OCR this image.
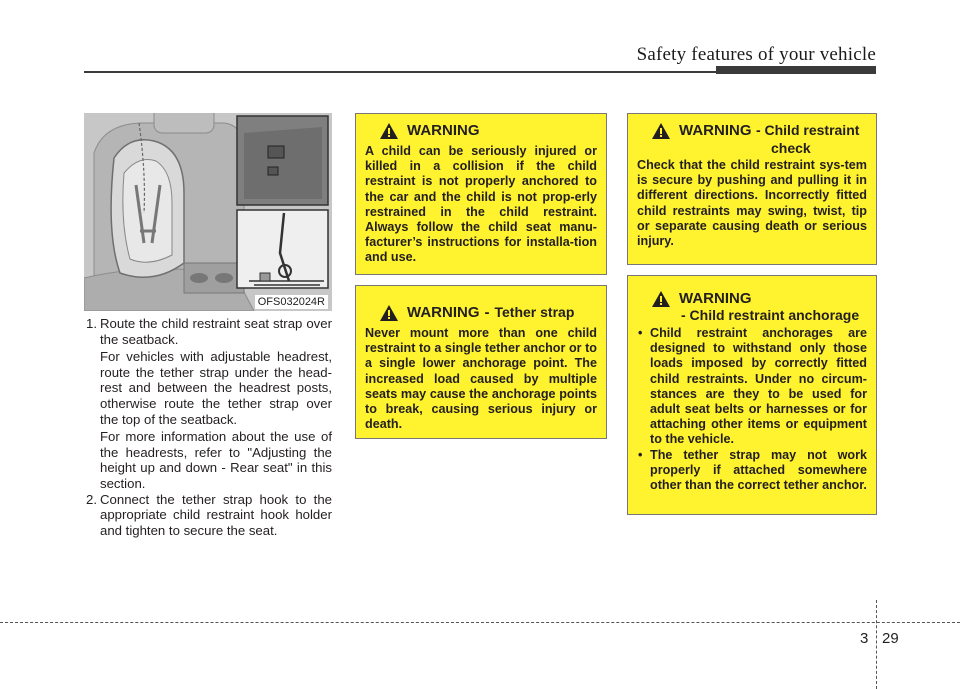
Safety features of your vehicle
OFS032024R
1. Route the child restraint seat strap over the seatback.

For vehicles with adjustable headrest, route the tether strap under the head-rest and between the headrest posts, otherwise route the tether strap over the top of the seatback.

For more information about the use of the headrests, refer to "Adjusting the height up and down - Rear seat" in this section.

2. Connect the tether strap hook to the appropriate child restraint hook holder and tighten to secure the seat.

WARNING

A child can be seriously injured or killed in a collision if the child restraint is not properly anchored to the car and the child is not prop-erly restrained in the child restraint. Always follow the child seat manu-facturer’s instructions for installa-tion and use.

WARNING - Tether strap

Never mount more than one child restraint to a single tether anchor or to a single lower anchorage point. The increased load caused by multiple seats may cause the anchorage points to break, causing serious injury or death.

WARNING - Child restraint
check

Check that the child restraint sys-tem is secure by pushing and pulling it in different directions. Incorrectly fitted child restraints may swing, twist, tip or separate causing death or serious injury.

WARNING
- Child restraint anchorage
• Child restraint anchorages are designed to withstand only those loads imposed by correctly fitted child restraints. Under no circum-stances are they to be used for adult seat belts or harnesses or for attaching other items or equipment to the vehicle.
• The tether strap may not work properly if attached somewhere other than the correct tether anchor.
3 29
